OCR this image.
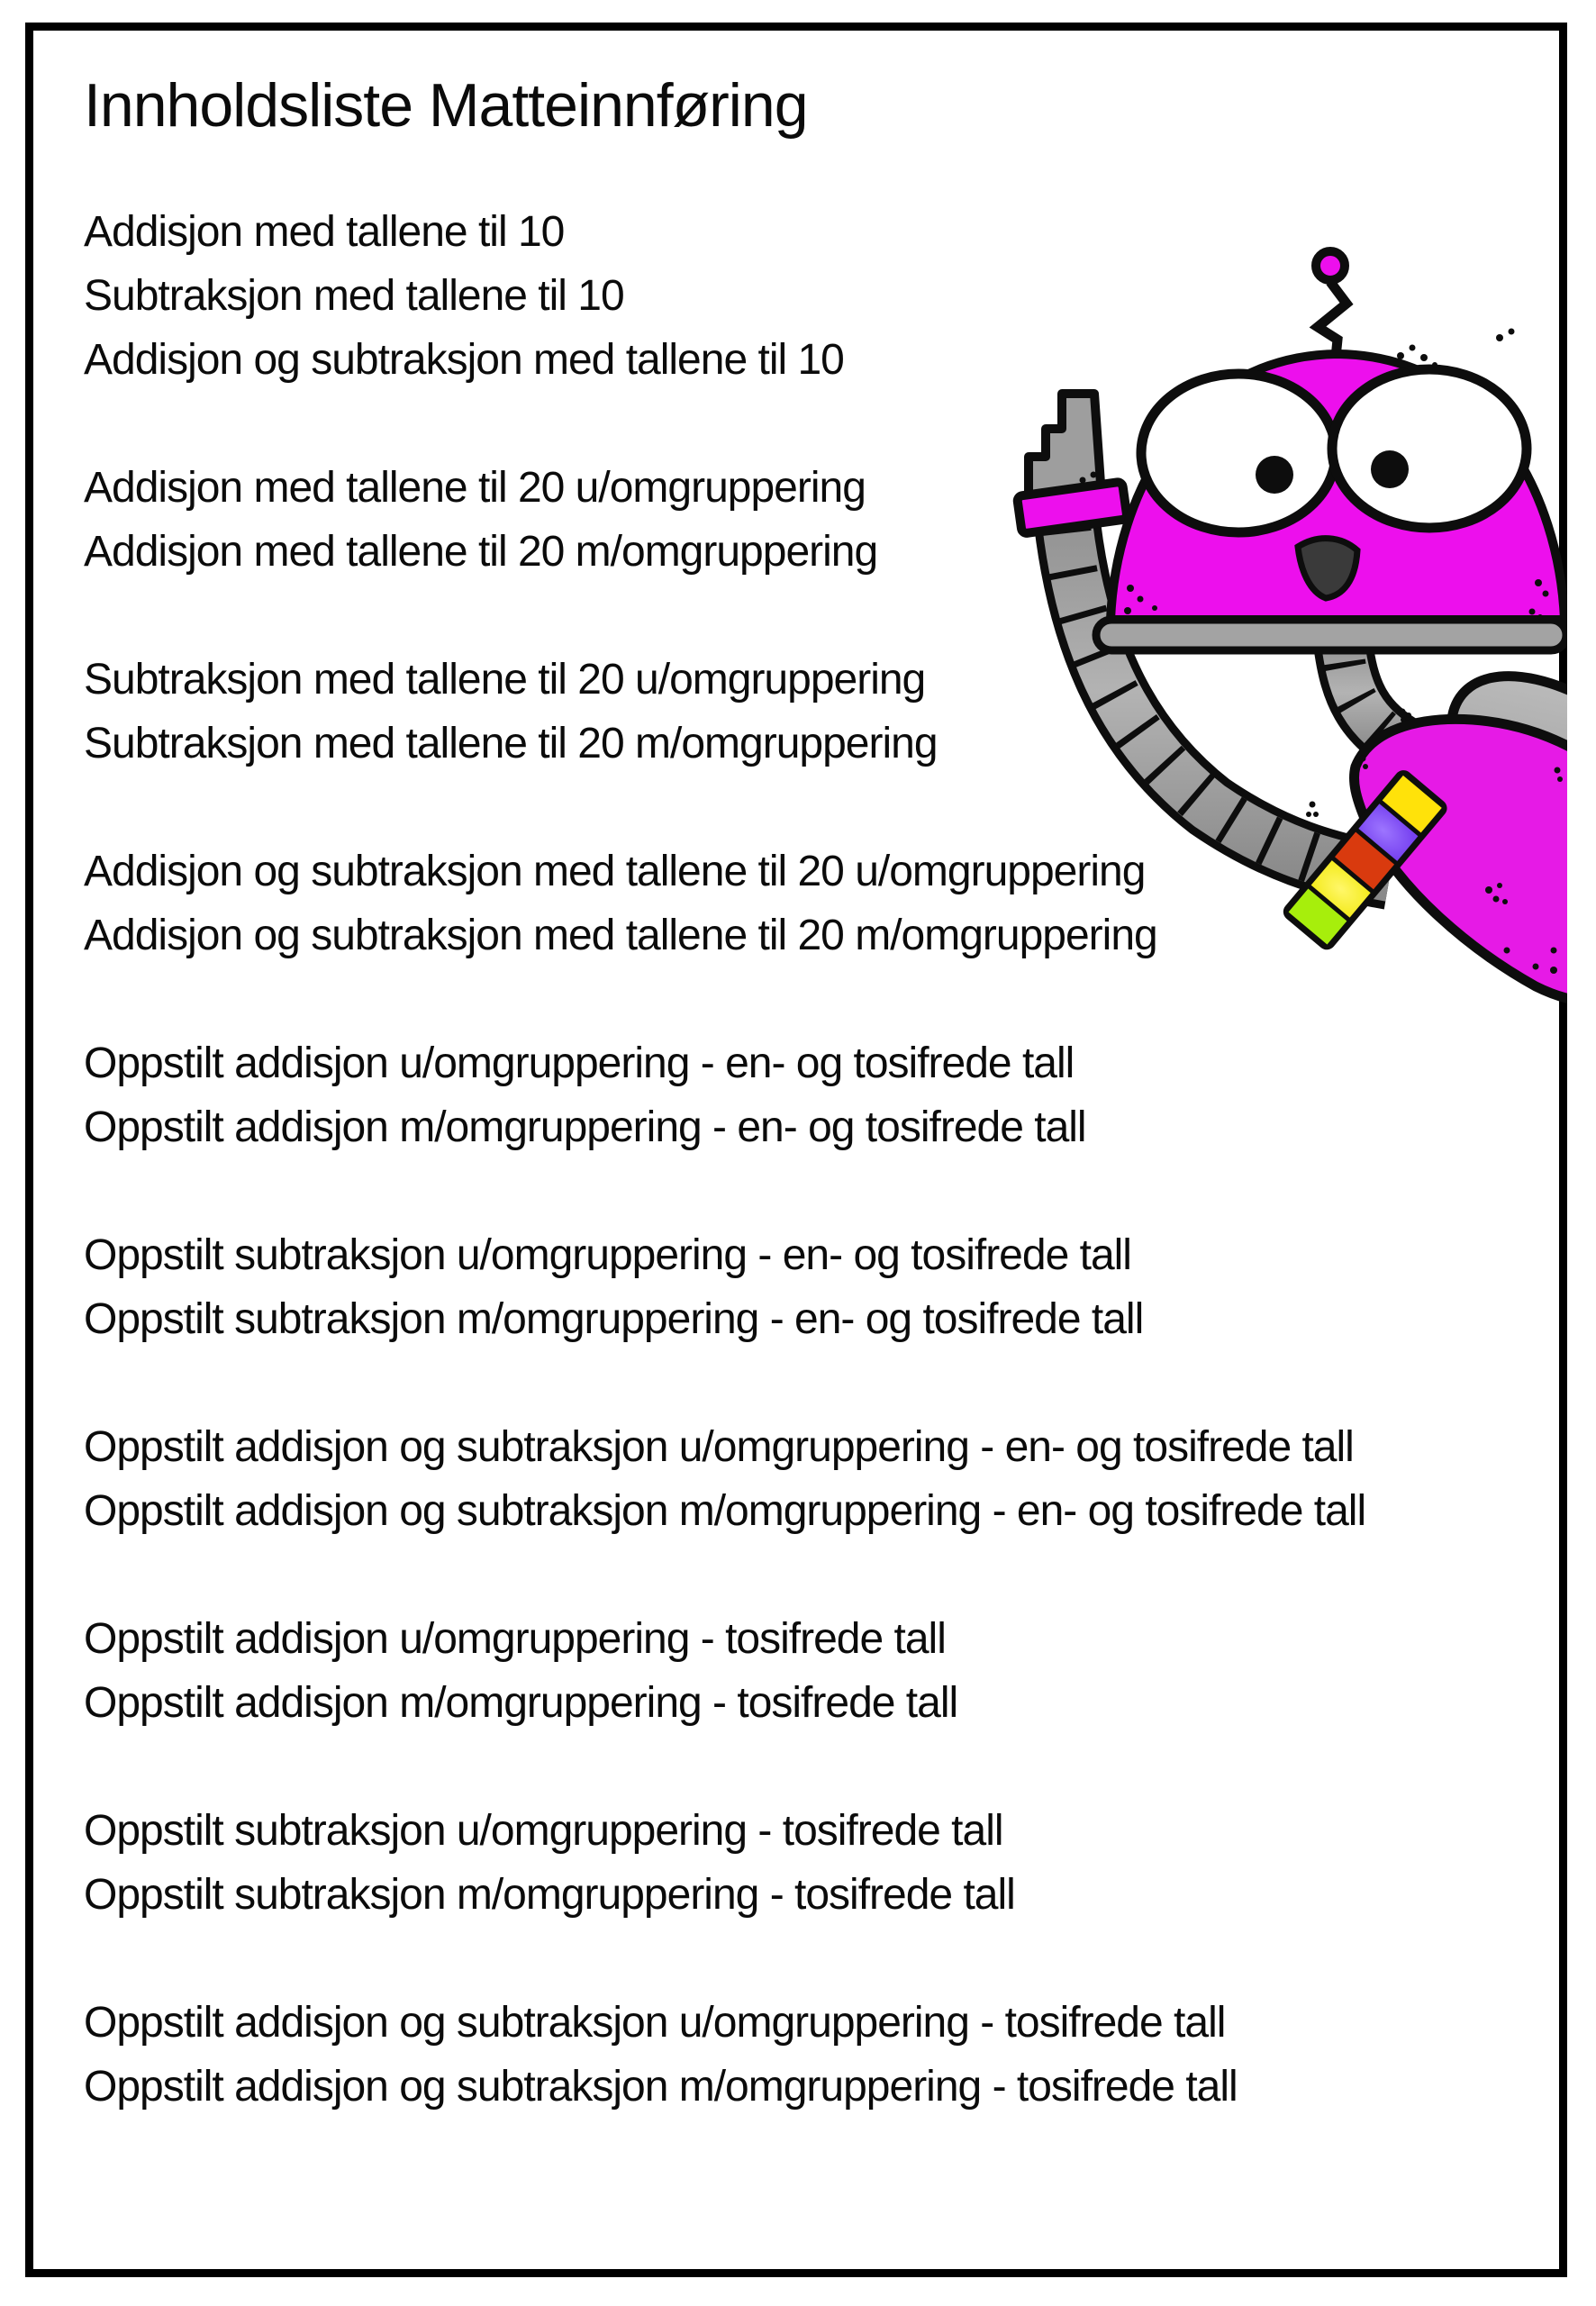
Innholdsliste Matteinnføring
Addisjon med tallene til 10
Subtraksjon med tallene til 10
Addisjon og subtraksjon med tallene til 10
Addisjon med tallene til 20 u/omgruppering
Addisjon med tallene til 20 m/omgruppering
Subtraksjon med tallene til 20 u/omgruppering
Subtraksjon med tallene til 20 m/omgruppering
Addisjon og subtraksjon med tallene til 20 u/omgruppering
Addisjon og subtraksjon med tallene til 20 m/omgruppering
Oppstilt addisjon u/omgruppering - en- og tosifrede tall
Oppstilt addisjon m/omgruppering - en- og tosifrede tall
Oppstilt subtraksjon u/omgruppering - en- og tosifrede tall
Oppstilt subtraksjon m/omgruppering - en- og tosifrede tall
Oppstilt addisjon og subtraksjon u/omgruppering - en- og tosifrede tall
Oppstilt addisjon og subtraksjon m/omgruppering - en- og tosifrede tall
Oppstilt addisjon u/omgruppering - tosifrede tall
Oppstilt addisjon m/omgruppering - tosifrede tall
Oppstilt subtraksjon u/omgruppering - tosifrede tall
Oppstilt subtraksjon m/omgruppering - tosifrede tall
Oppstilt addisjon og subtraksjon u/omgruppering - tosifrede tall
Oppstilt addisjon og subtraksjon m/omgruppering - tosifrede tall
